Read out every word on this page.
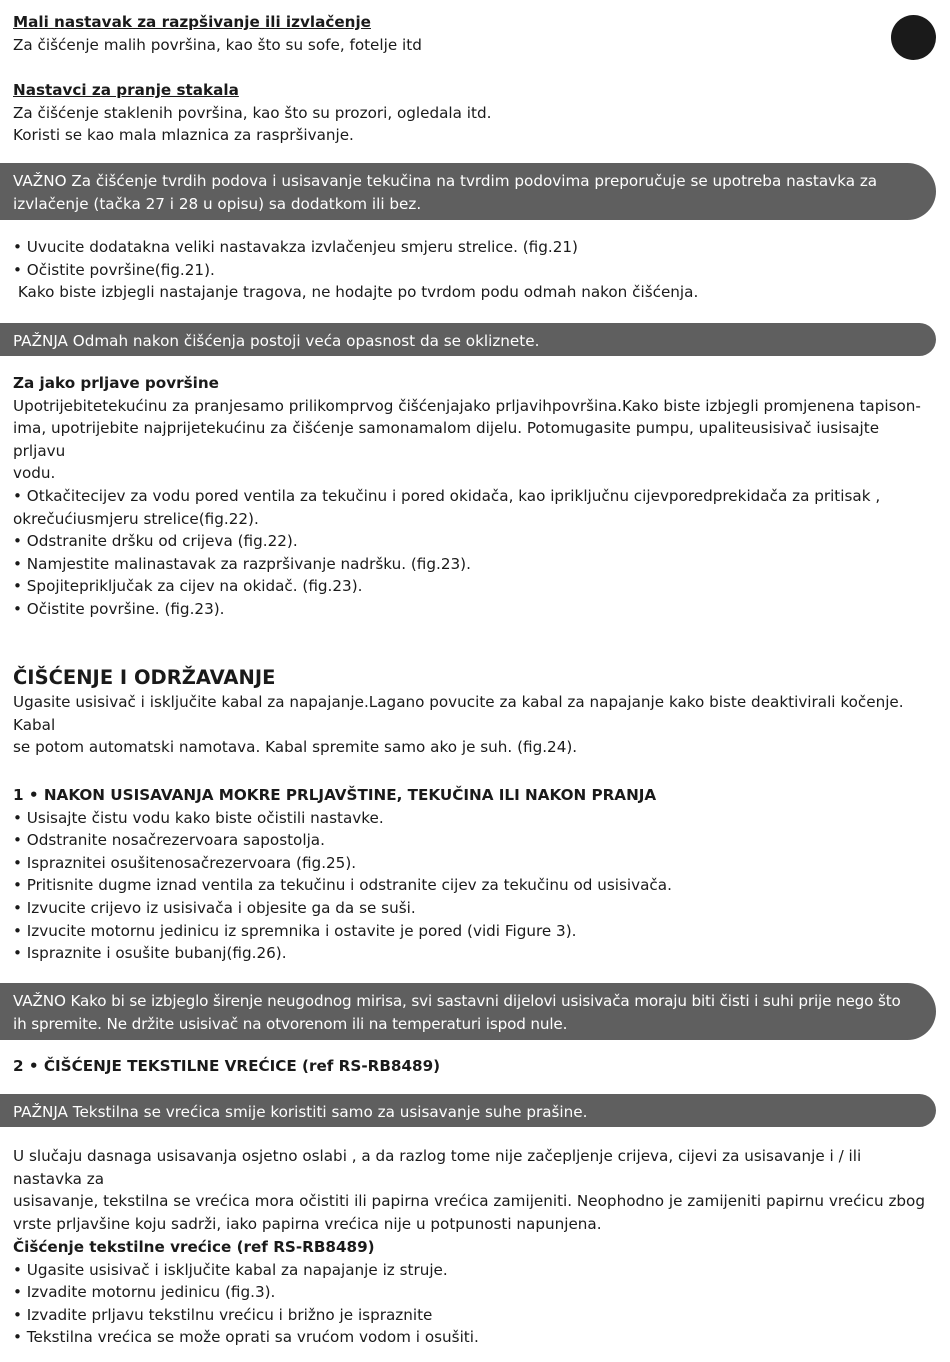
Mali nastavak za razpšivanje ili izvlačenje

Za čišćenje malih površina, kao što su sofe, fotelje itd

Nastavci za pranje stakala

Za čišćenje staklenih površina, kao što su prozori, ogledala itd.

Koristi se kao mala mlaznica za raspršivanje.

VAŽNO Za čišćenje tvrdih podova i usisavanje tekučina na tvrdim podovima preporučuje se upotreba nastavka za

izvlačenje (tačka 27 i 28 u opisu) sa dodatkom ili bez.

• Uvucite dodatakna veliki nastavakza izvlačenjeu smjeru strelice. (fig.21)

• Očistite površine(fig.21).

Kako biste izbjegli nastajanje tragova, ne hodajte po tvrdom podu odmah nakon čišćenja.

PAŽNJA Odmah nakon čišćenja postoji veća opasnost da se okliznete.

Za jako prljave površine

Upotrijebitetekućinu za pranjesamo prilikomprvog čišćenjajako prljavihpovršina.Kako biste izbjegli promjenena tapison-

ima, upotrijebite najprijetekućinu za čišćenje samonamalom dijelu. Potomugasite pumpu, upaliteusisivač iusisajte prljavu

vodu.

• Otkačitecijev za vodu pored ventila za tekučinu i pored okidača, kao ipriključnu cijevporedprekidača za pritisak ,

okrečućiusmjeru strelice(fig.22).

• Odstranite dršku od crijeva (fig.22).

• Namjestite malinastavak za razpršivanje nadršku. (fig.23).

• Spojitepriključak za cijev na okidač. (fig.23).

• Očistite površine. (fig.23).

ČIŠĆENJE I ODRŽAVANJE

Ugasite usisivač i isključite kabal za napajanje.Lagano povucite za kabal za napajanje kako biste deaktivirali kočenje. Kabal

se potom automatski namotava. Kabal spremite samo ako je suh. (fig.24).

1 • NAKON USISAVANJA MOKRE PRLJAVŠTINE, TEKUČINA ILI NAKON PRANJA

• Usisajte čistu vodu kako biste očistili nastavke.

• Odstranite nosačrezervoara sapostolja.

• Ispraznitei osušitenosačrezervoara (fig.25).

• Pritisnite dugme iznad ventila za tekučinu i odstranite cijev za tekučinu od usisivača.

• Izvucite crijevo iz usisivača i objesite ga da se suši.

• Izvucite motornu jedinicu iz spremnika i ostavite je pored (vidi Figure 3).

• Ispraznite i osušite bubanj(fig.26).

VAŽNO Kako bi se izbjeglo širenje neugodnog mirisa, svi sastavni dijelovi usisivača moraju biti čisti i suhi prije nego što

ih spremite. Ne držite usisivač na otvorenom ili na temperaturi ispod nule.

2 • ČIŠĆENJE TEKSTILNE VREĆICE (ref RS-RB8489)

PAŽNJA Tekstilna se vrećica smije koristiti samo za usisavanje suhe prašine.

U slučaju dasnaga usisavanja osjetno oslabi , a da razlog tome nije začepljenje crijeva, cijevi za usisavanje i / ili nastavka za

usisavanje, tekstilna se vrećica mora očistiti ili papirna vrećica zamijeniti. Neophodno je zamijeniti papirnu vrećicu zbog

vrste prljavšine koju sadrži, iako papirna vrećica nije u potpunosti napunjena.

Čišćenje tekstilne vrećice (ref RS-RB8489)

• Ugasite usisivač i isključite kabal za napajanje iz struje.

• Izvadite motornu jedinicu (fig.3).

• Izvadite prljavu tekstilnu vrećicu i brižno je ispraznite

• Tekstilna vrećica se može oprati sa vrućom vodom i osušiti.
